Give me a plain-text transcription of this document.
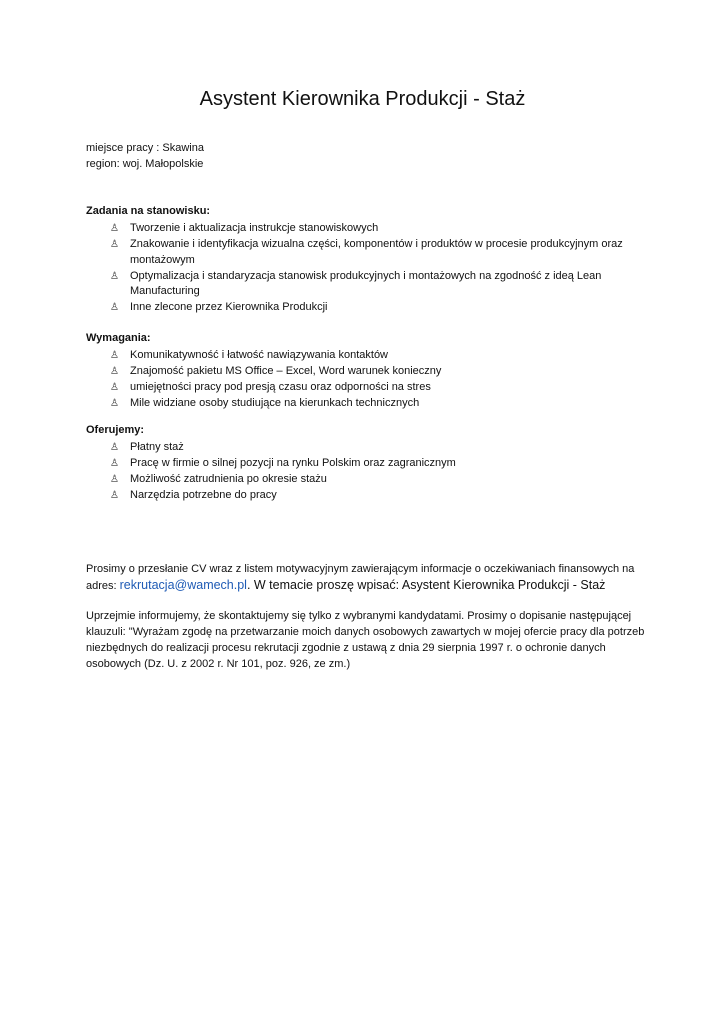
Asystent Kierownika Produkcji - Staż
miejsce pracy : Skawina
region: woj. Małopolskie
Zadania na stanowisku:
♙ Tworzenie i aktualizacja instrukcje stanowiskowych
♙ Znakowanie i identyfikacja wizualna części, komponentów i produktów w procesie produkcyjnym oraz montażowym
♙ Optymalizacja i standaryzacja stanowisk produkcyjnych i montażowych na zgodność z ideą Lean Manufacturing
♙ Inne zlecone przez Kierownika Produkcji
Wymagania:
♙ Komunikatywność i łatwość nawiązywania kontaktów
♙ Znajomość pakietu MS Office – Excel, Word warunek konieczny
♙ umiejętności pracy pod presją czasu oraz odporności na stres
♙ Mile widziane osoby studiujące na kierunkach technicznych
Oferujemy:
♙ Płatny staż
♙ Pracę w firmie o silnej pozycji na rynku Polskim oraz zagranicznym
♙ Możliwość zatrudnienia po okresie stażu
♙ Narzędzia potrzebne do pracy
Prosimy o przesłanie CV wraz z listem motywacyjnym zawierającym informacje o oczekiwaniach finansowych na adres: rekrutacja@wamech.pl. W temacie proszę wpisać: Asystent Kierownika Produkcji - Staż
Uprzejmie informujemy, że skontaktujemy się tylko z wybranymi kandydatami. Prosimy o dopisanie następującej klauzuli: "Wyrażam zgodę na przetwarzanie moich danych osobowych zawartych w mojej ofercie pracy dla potrzeb niezbędnych do realizacji procesu rekrutacji zgodnie z ustawą z dnia 29 sierpnia 1997 r. o ochronie danych osobowych (Dz. U. z 2002 r. Nr 101, poz. 926, ze zm.)
